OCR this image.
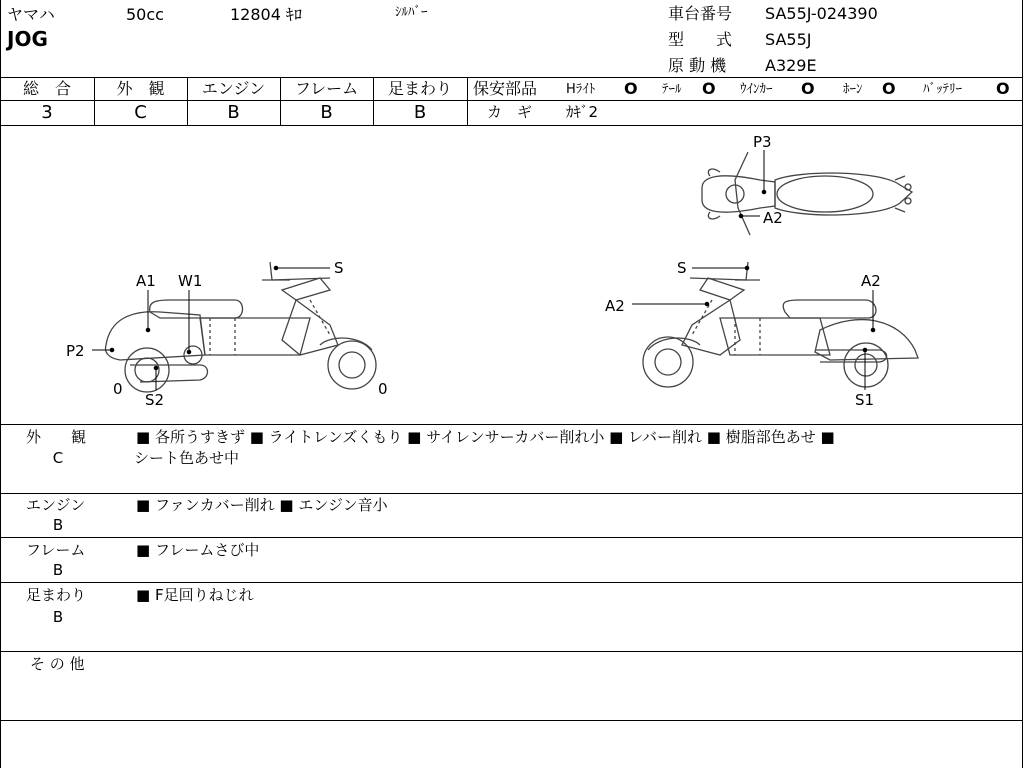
ヤマハ	50cc	12804 ｷﾛ	ｼﾙﾊﾞｰ
JOG
車台番号 SA55J-024390
型　　式 SA55J
原 動 機 A329E
総　合	外　観	エンジン	フレーム	足まわり
3	C	B	B	B
保安部品 Hﾗｲﾄ O ﾃｰﾙ O ｳｲﾝｶｰ O ﾎｰﾝ O ﾊﾞｯﾃﾘｰ O
カ　ギ ｶｷﾞ2
A1 W1
S
P2
S2
0	0
S
A2
A2
S1
P3
A2
外　　観
C
■ 各所うすきず ■ ライトレンズくもり ■ サイレンサーカバー削れ小 ■ レバー削れ ■ 樹脂部色あせ ■
シート色あせ中
エンジン
B
■ ファンカバー削れ ■ エンジン音小
フレーム
B
■ フレームさび中
足まわり
B
■ F足回りねじれ
そ の 他
